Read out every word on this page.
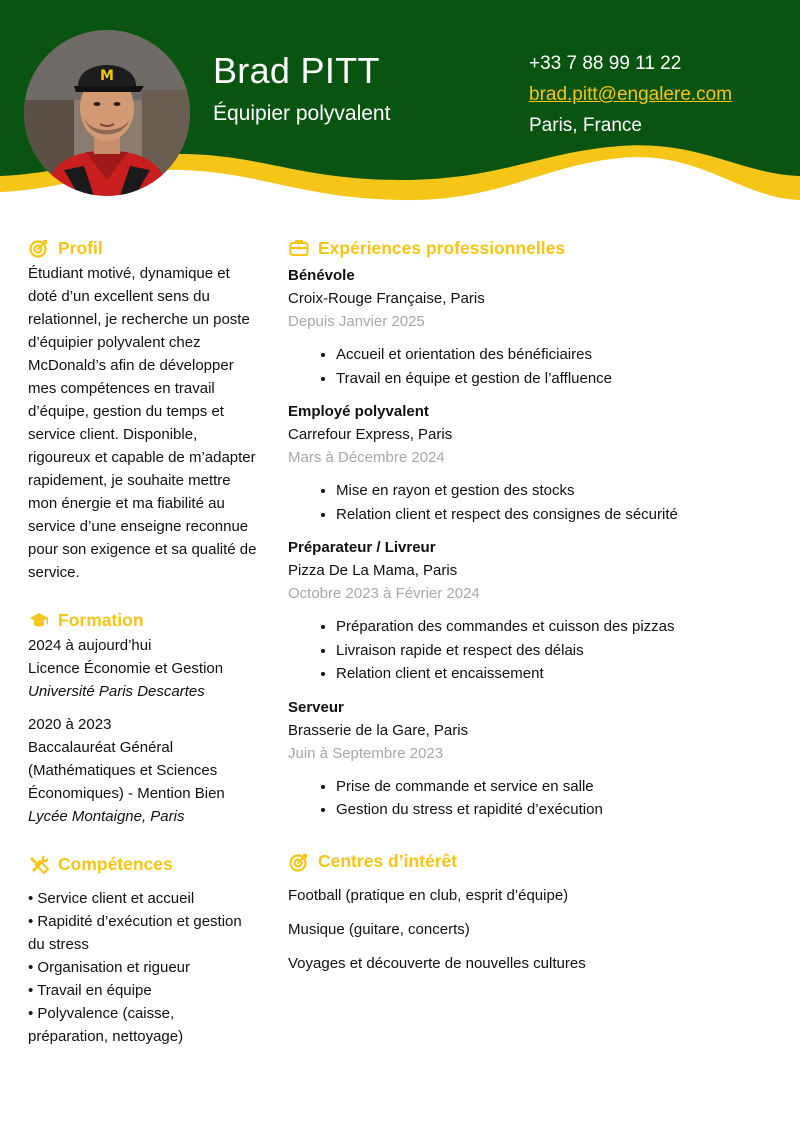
M	Brad PITT
Équipier polyvalent
+33 7 88 99 11 22
brad.pitt@engalere.com
Paris, France
Profil
Étudiant motivé, dynamique et doté d’un excellent sens du relationnel, je recherche un poste d’équipier polyvalent chez McDonald’s afin de développer mes compétences en travail d’équipe, gestion du temps et service client. Disponible, rigoureux et capable de m’adapter rapidement, je souhaite mettre mon énergie et ma fiabilité au service d’une enseigne reconnue pour son exigence et sa qualité de service.
Formation
2024 à aujourd’hui
Licence Économie et Gestion
Université Paris Descartes
2020 à 2023
Baccalauréat Général (Mathématiques et Sciences Économiques) - Mention Bien
Lycée Montaigne, Paris
Compétences
• Service client et accueil
• Rapidité d’exécution et gestion du stress
• Organisation et rigueur
• Travail en équipe
• Polyvalence (caisse, préparation, nettoyage)
Expériences professionnelles
Bénévole
Croix-Rouge Française, Paris
Depuis Janvier 2025
• Accueil et orientation des bénéficiaires
• Travail en équipe et gestion de l’affluence
Employé polyvalent
Carrefour Express, Paris
Mars à Décembre 2024
• Mise en rayon et gestion des stocks
• Relation client et respect des consignes de sécurité
Préparateur / Livreur
Pizza De La Mama, Paris
Octobre 2023 à Février 2024
• Préparation des commandes et cuisson des pizzas
• Livraison rapide et respect des délais
• Relation client et encaissement
Serveur
Brasserie de la Gare, Paris
Juin à Septembre 2023
• Prise de commande et service en salle
• Gestion du stress et rapidité d’exécution
Centres d’intérêt
Football (pratique en club, esprit d’équipe)
Musique (guitare, concerts)
Voyages et découverte de nouvelles cultures
